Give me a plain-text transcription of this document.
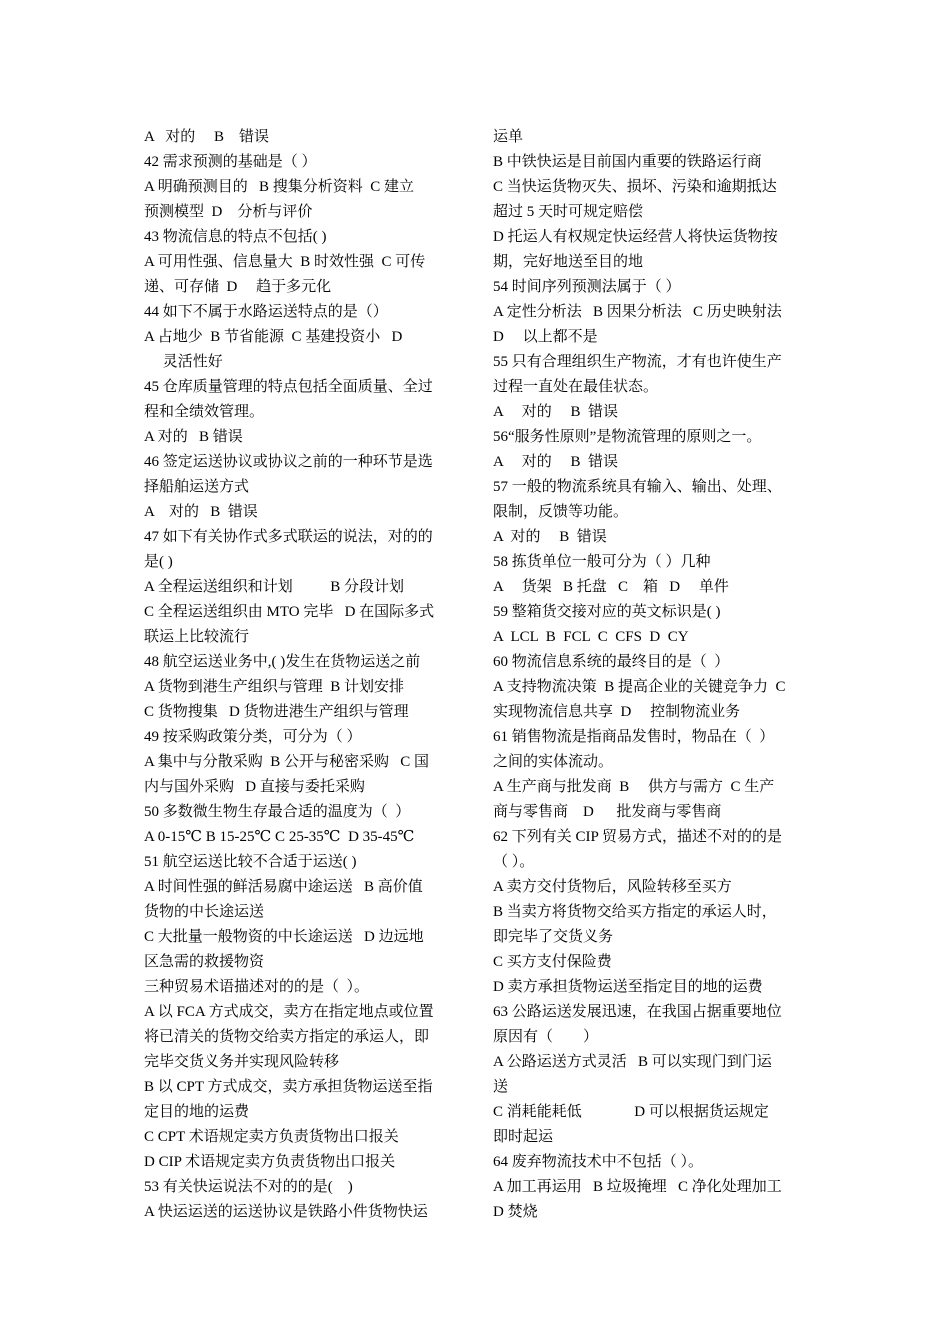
A   对的     B    错误
42 需求预测的基础是（ ）
A 明确预测目的   B 搜集分析资料  C 建立
预测模型  D    分析与评价
43 物流信息的特点不包括( )
A 可用性强、信息量大  B 时效性强  C 可传
递、可存储  D     趋于多元化
44 如下不属于水路运送特点的是（）
A 占地少  B 节省能源  C 基建投资小   D
灵活性好
45 仓库质量管理的特点包括全面质量、全过
程和全绩效管理。
A 对的   B 错误
46 签定运送协议或协议之前的一种环节是选
择船舶运送方式
A    对的   B  错误
47 如下有关协作式多式联运的说法，对的的
是( )
A 全程运送组织和计划          B 分段计划
C 全程运送组织由 MTO 完毕   D 在国际多式
联运上比较流行
48 航空运送业务中,( )发生在货物运送之前
A 货物到港生产组织与管理  B 计划安排
C 货物搜集   D 货物进港生产组织与管理
49 按采购政策分类，可分为（ ）
A 集中与分散采购  B 公开与秘密采购   C 国
内与国外采购   D 直接与委托采购
50 多数微生物生存最合适的温度为（  ）
A 0-15℃ B 15-25℃ C 25-35℃  D 35-45℃
51 航空运送比较不合适于运送( )
A 时间性强的鲜活易腐中途运送   B 高价值
货物的中长途运送
C 大批量一般物资的中长途运送   D 边远地
区急需的救援物资
三种贸易术语描述对的的是（  ）。
A 以 FCA 方式成交，卖方在指定地点或位置
将已清关的货物交给卖方指定的承运人，即
完毕交货义务并实现风险转移
B 以 CPT 方式成交，卖方承担货物运送至指
定目的地的运费
C CPT 术语规定卖方负责货物出口报关
D CIP 术语规定卖方负责货物出口报关
53 有关快运说法不对的的是(    )
A 快运运送的运送协议是铁路小件货物快运
运单
B 中铁快运是目前国内重要的铁路运行商
C 当快运货物灭失、损坏、污染和逾期抵达
超过 5 天时可规定赔偿
D 托运人有权规定快运经营人将快运货物按
期，完好地送至目的地
54 时间序列预测法属于（ ）
A 定性分析法   B 因果分析法   C 历史映射法
D     以上都不是
55 只有合理组织生产物流，才有也许使生产
过程一直处在最佳状态。
A     对的     B  错误
56“服务性原则”是物流管理的原则之一。
A     对的     B  错误
57 一般的物流系统具有输入、输出、处理、
限制，反馈等功能。
A  对的     B  错误
58 拣货单位一般可分为（ ）几种
A     货架   B 托盘   C    箱   D     单件
59 整箱货交接对应的英文标识是( )
A  LCL  B  FCL  C  CFS  D  CY
60 物流信息系统的最终目的是（  ）
A 支持物流决策  B 提高企业的关键竞争力  C
实现物流信息共享  D     控制物流业务
61 销售物流是指商品发售时，物品在（  ）
之间的实体流动。
A 生产商与批发商  B     供方与需方  C 生产
商与零售商    D      批发商与零售商
62 下列有关 CIP 贸易方式，描述不对的的是
（ ）。
A 卖方交付货物后，风险转移至买方
B 当卖方将货物交给买方指定的承运人时，
即完毕了交货义务
C 买方支付保险费
D 卖方承担货物运送至指定目的地的运费
63 公路运送发展迅速，在我国占据重要地位
原因有（        ）
A 公路运送方式灵活   B 可以实现门到门运
送
C 消耗能耗低              D 可以根据货运规定
即时起运
64 废弃物流技术中不包括（ ）。
A 加工再运用   B 垃圾掩埋   C 净化处理加工
D 焚烧
